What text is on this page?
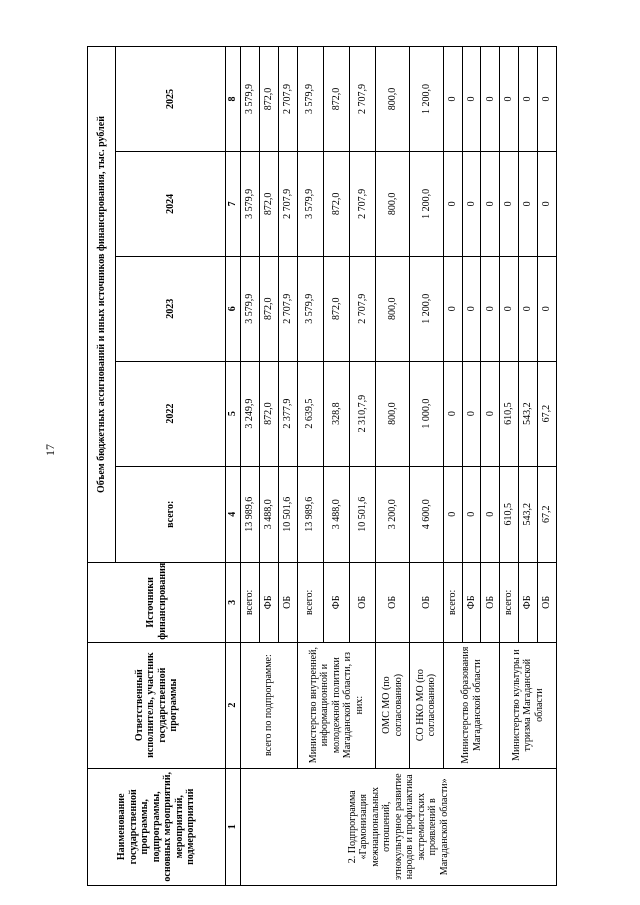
17
Наименование государственной программы, подпрограммы, основных мероприятий, мероприятий, подмероприятий	Ответственный исполнитель, участник государственной программы	Источники финансирования	Объем бюджетных ассигнований и иных источников финансирования, тыс. рублей				
			всего:	2022	2023	2024	2025
1	2	3	4	5	6	7	8
2. Подпрограмма «Гармонизация межнациональных отношений, этнокультурное развитие народов и профилактика экстремистских проявлений в Магаданской области»	всего по подпрограмме:	всего:	13 989,6	3 249,9	3 579,9	3 579,9	3 579,9
		ФБ	3 488,0	872,0	872,0	872,0	872,0
		ОБ	10 501,6	2 377,9	2 707,9	2 707,9	2 707,9
	Министерство внутренней, информационной и молодежной политики Магаданской области, из них:	всего:	13 989,6	2 639,5	3 579,9	3 579,9	3 579,9
		ФБ	3 488,0	328,8	872,0	872,0	872,0
		ОБ	10 501,6	2 310,7,9	2 707,9	2 707,9	2 707,9
	ОМС МО (по согласованию)	ОБ	3 200,0	800,0	800,0	800,0	800,0
	СО НКО МО (по согласованию)	ОБ	4 600,0	1 000,0	1 200,0	1 200,0	1 200,0
	Министерство образования Магаданской области	всего:	0	0	0	0	0
		ФБ	0	0	0	0	0
		ОБ	0	0	0	0	0
	Министерство культуры и туризма Магаданской области	всего:	610,5	610,5	0	0	0
		ФБ	543,2	543,2	0	0	0
		ОБ	67,2	67,2	0	0	0
